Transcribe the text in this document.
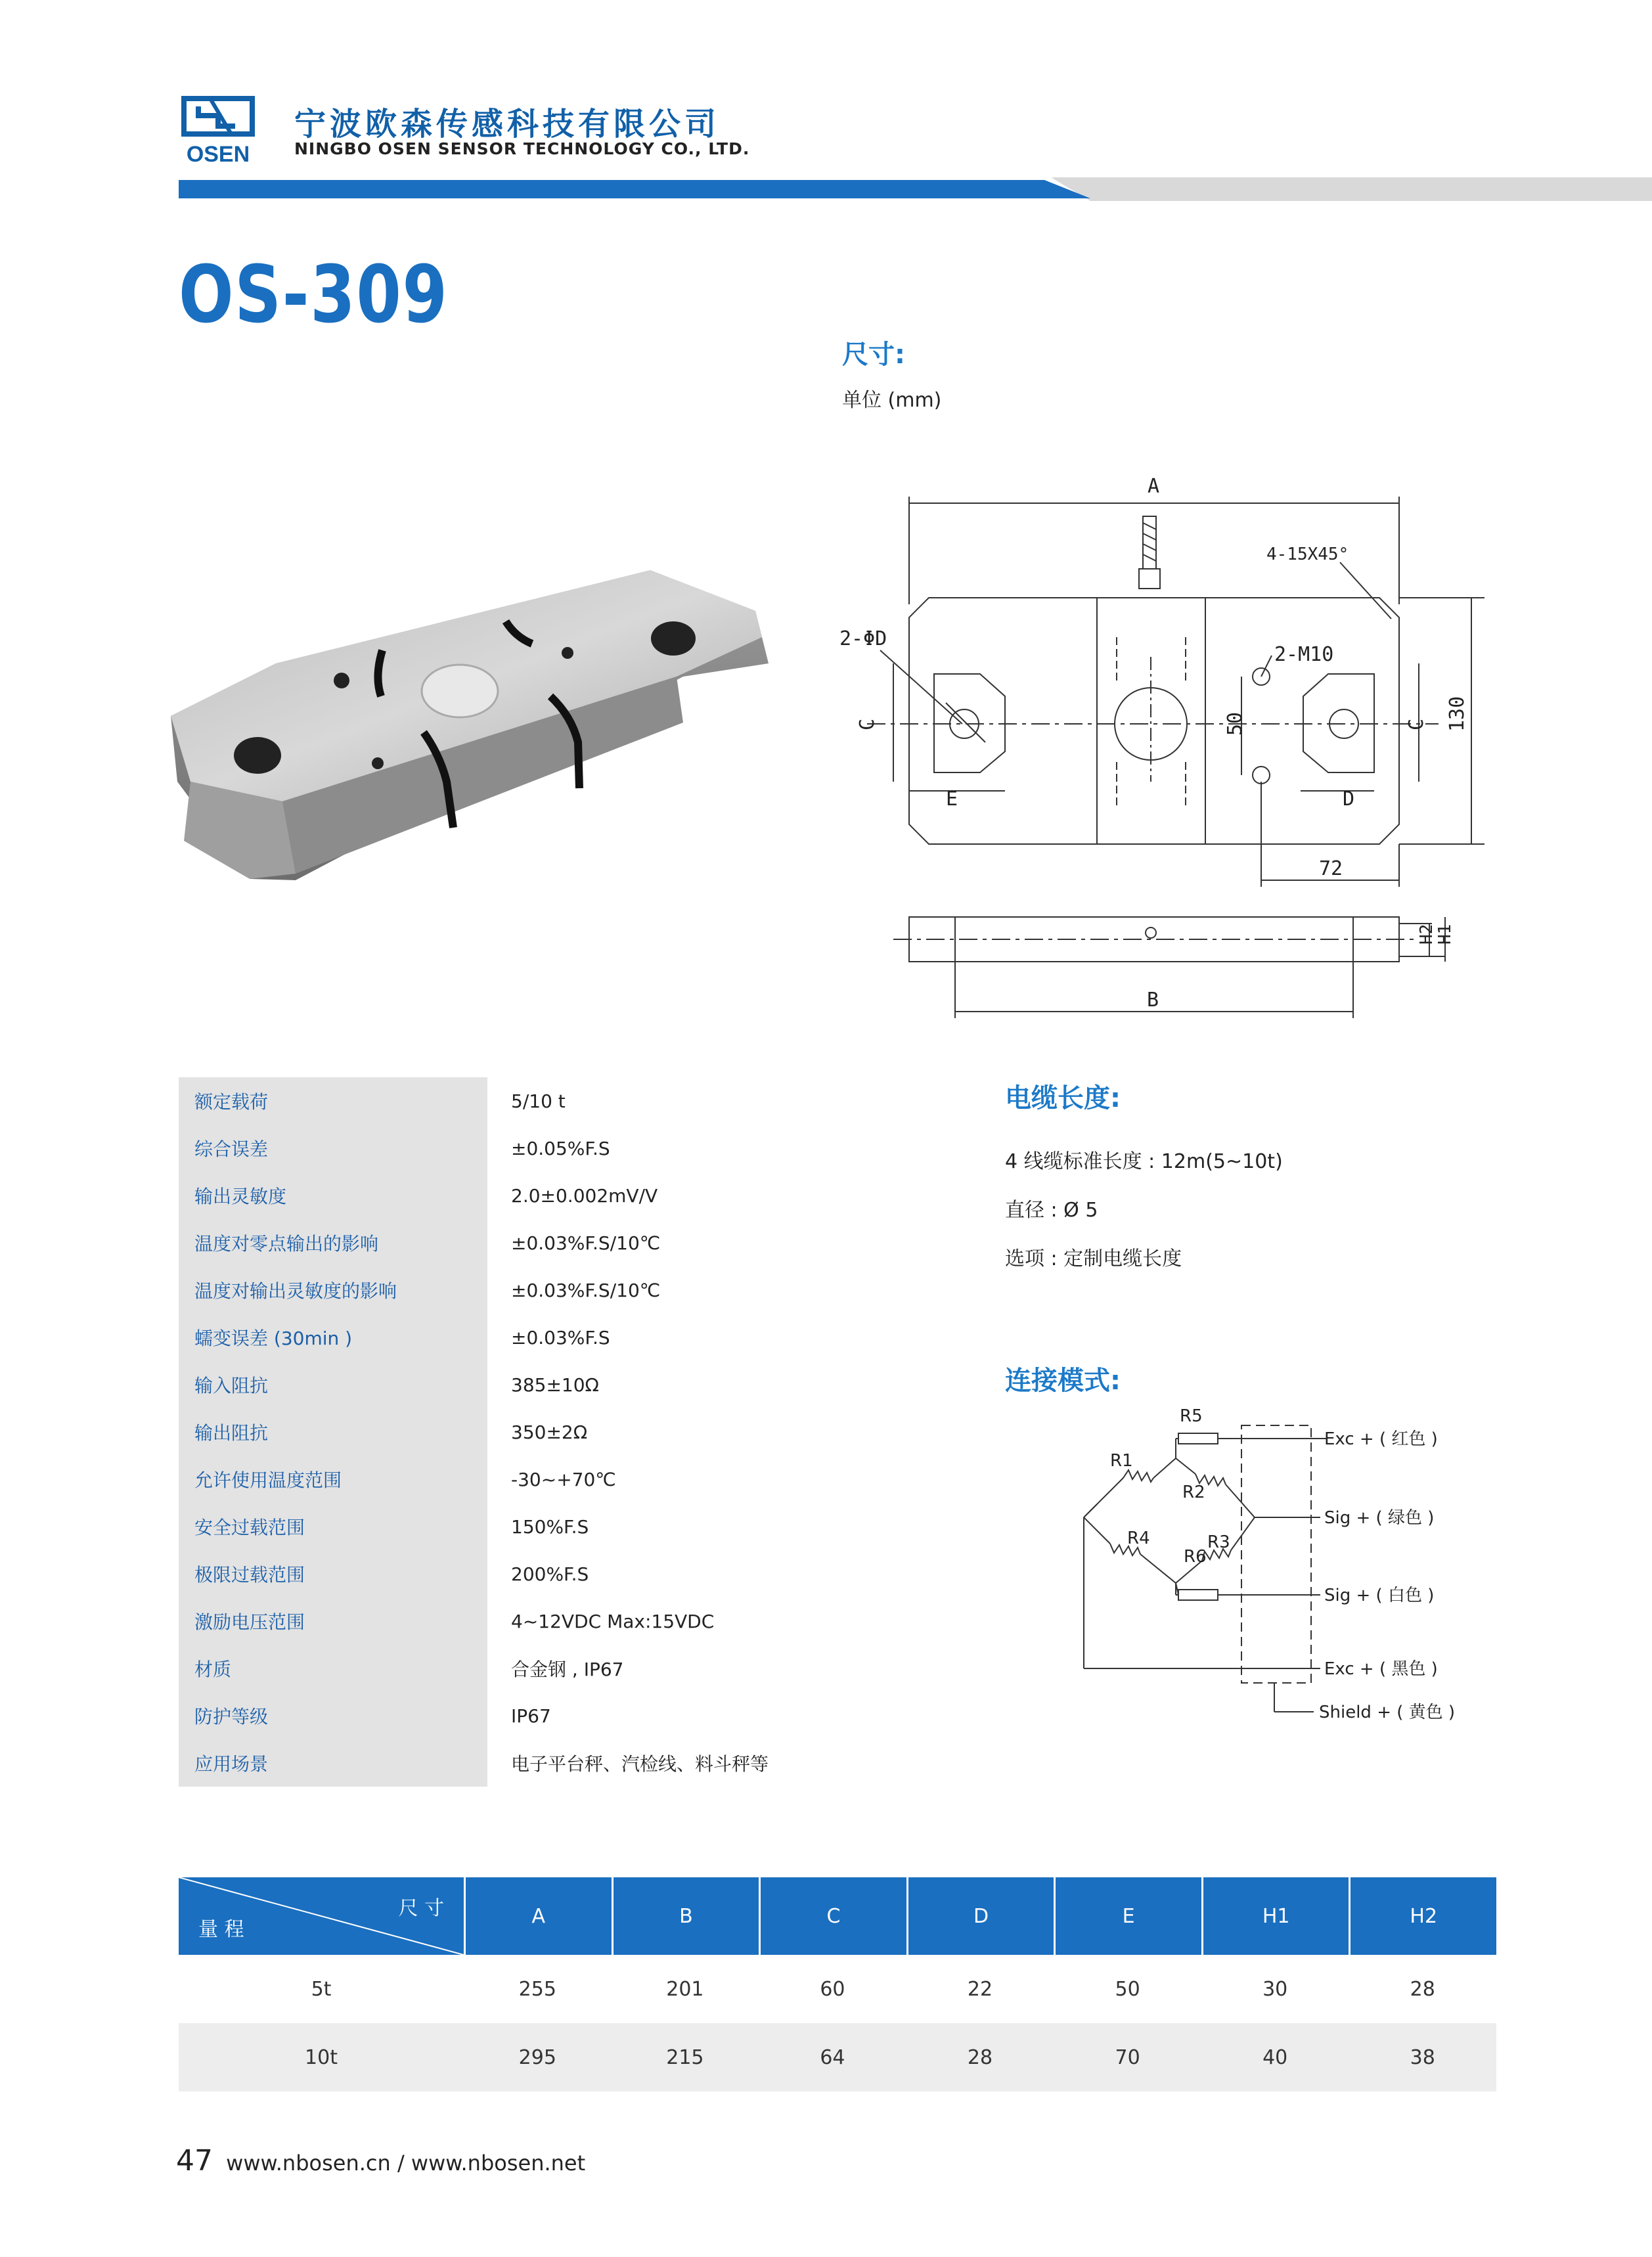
OSEN
宁波欧森传感科技有限公司
NINGBO OSEN SENSOR TECHNOLOGY CO., LTD.
OS-309
尺寸:
单位 (mm)
A
2-ΦD
2-M10
4-15X45°
C
E	D
50	C 130
72
H2
H1
B
额定载荷	5/10 t
综合误差	±0.05%F.S
输出灵敏度	2.0±0.002mV/V
温度对零点输出的影响	±0.03%F.S/10℃
温度对输出灵敏度的影响	±0.03%F.S/10℃
蠕变误差 (30min )	±0.03%F.S
输入阻抗	385±10Ω
输出阻抗	350±2Ω
允许使用温度范围	-30~+70℃
安全过载范围	150%F.S
极限过载范围	200%F.S
激励电压范围	4~12VDC Max:15VDC
材质	合金钢 , IP67
防护等级	IP67
应用场景	电子平台秤、汽检线、料斗秤等
电缆长度:
4 线缆标准长度 : 12m(5~10t)
直径 : Ø 5
选项 : 定制电缆长度
连接模式:
R1
R2
R3
R4
R5
R6
Exc + ( 红色 )
Sig + ( 绿色 )
Sig + ( 白色 )
Exc + ( 黑色 )
Shield + ( 黄色 )
尺 寸
量 程
A	B	C	D	E	H1	H2
5t	255	201	60	22	50	30	28
10t	295	215	64	28	70	40	38
47 www.nbosen.cn / www.nbosen.net
